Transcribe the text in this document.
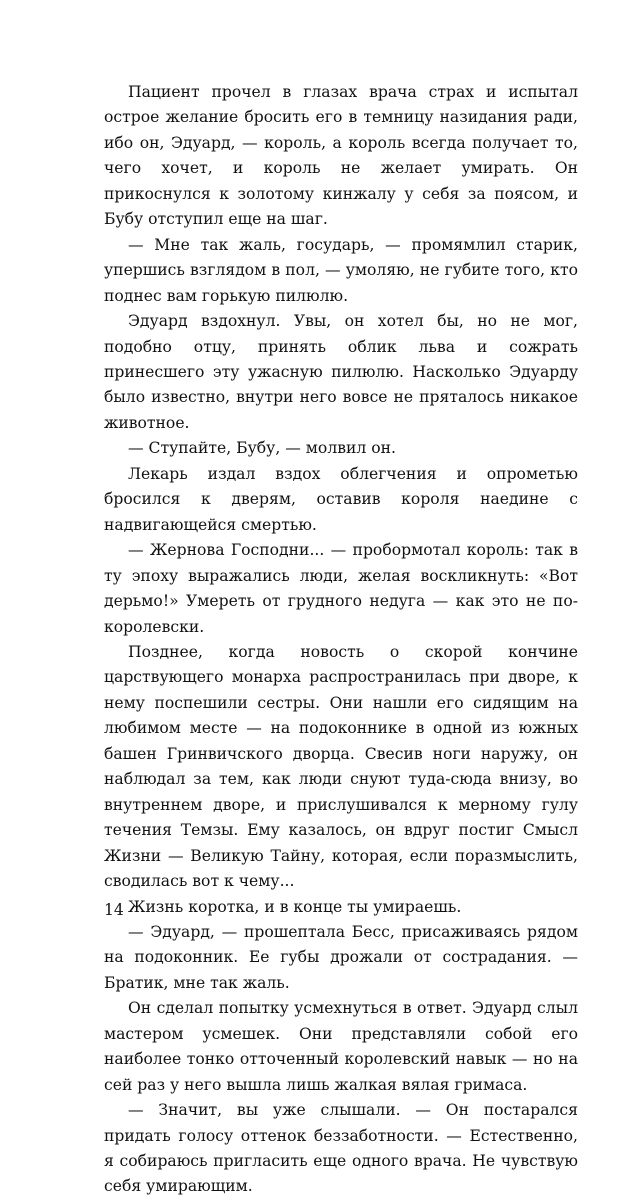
Пациент прочел в глазах врача страх и испытал острое желание бросить его в темницу назидания ради, ибо он, Эдуард, — король, а король всегда получает то, чего хочет, и король не желает умирать. Он прикоснулся к золотому кинжалу у себя за поясом, и Бубу отступил еще на шаг.

— Мне так жаль, государь, — промямлил старик, упершись взглядом в пол, — умоляю, не губите того, кто поднес вам горькую пилюлю.

Эдуард вздохнул. Увы, он хотел бы, но не мог, подобно отцу, принять облик льва и сожрать принесшего эту ужасную пилюлю. Насколько Эдуарду было известно, внутри него вовсе не пряталось никакое животное.

— Ступайте, Бубу, — молвил он.

Лекарь издал вздох облегчения и опрометью бросился к дверям, оставив короля наедине с надвигающейся смертью.

— Жернова Господни... — пробормотал король: так в ту эпоху выражались люди, желая воскликнуть: «Вот дерьмо!» Умереть от грудного недуга — как это не по-королевски.

Позднее, когда новость о скорой кончине царствующего монарха распространилась при дворе, к нему поспешили сестры. Они нашли его сидящим на любимом месте — на подоконнике в одной из южных башен Гринвичского дворца. Свесив ноги наружу, он наблюдал за тем, как люди снуют туда-сюда внизу, во внутреннем дворе, и прислушивался к мерному гулу течения Темзы. Ему казалось, он вдруг постиг Смысл Жизни — Великую Тайну, которая, если поразмыслить, сводилась вот к чему...

Жизнь коротка, и в конце ты умираешь.

— Эдуард, — прошептала Бесс, присаживаясь рядом на подоконник. Ее губы дрожали от сострадания. — Братик, мне так жаль.

Он сделал попытку усмехнуться в ответ. Эдуард слыл мастером усмешек. Они представляли собой его наиболее тонко отточенный королевский навык — но на сей раз у него вышла лишь жалкая вялая гримаса.

— Значит, вы уже слышали. — Он постарался придать голосу оттенок беззаботности. — Естественно, я собираюсь пригласить еще одного врача. Не чувствую себя умирающим.

14
